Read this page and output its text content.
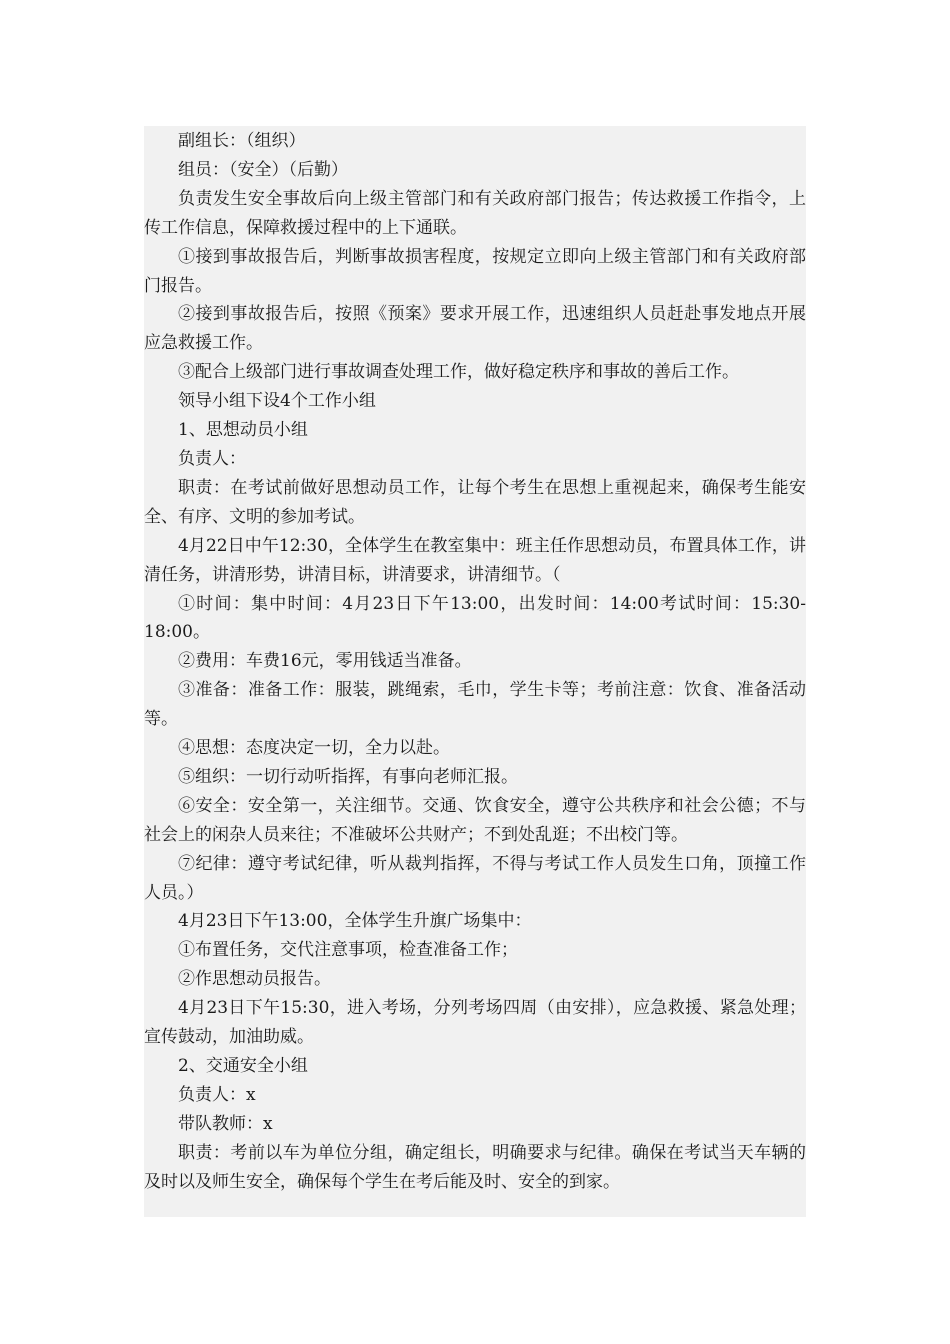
副组长：（组织）

组员：（安全）（后勤）

负责发生安全事故后向上级主管部门和有关政府部门报告；传达救援工作指令，上传工作信息，保障救援过程中的上下通联。

①接到事故报告后，判断事故损害程度，按规定立即向上级主管部门和有关政府部门报告。

②接到事故报告后，按照《预案》要求开展工作，迅速组织人员赶赴事发地点开展应急救援工作。

③配合上级部门进行事故调查处理工作，做好稳定秩序和事故的善后工作。

领导小组下设4个工作小组

1、思想动员小组

负责人：

职责：在考试前做好思想动员工作，让每个考生在思想上重视起来，确保考生能安全、有序、文明的参加考试。

4月22日中午12:30，全体学生在教室集中：班主任作思想动员，布置具体工作，讲清任务，讲清形势，讲清目标，讲清要求，讲清细节。（

①时间：集中时间：4月23日下午13:00，出发时间：14:00考试时间：15:30-18:00。

②费用：车费16元，零用钱适当准备。

③准备：准备工作：服装，跳绳索，毛巾，学生卡等；考前注意：饮食、准备活动等。

④思想：态度决定一切，全力以赴。

⑤组织：一切行动听指挥，有事向老师汇报。

⑥安全：安全第一，关注细节。交通、饮食安全，遵守公共秩序和社会公德；不与社会上的闲杂人员来往；不准破坏公共财产；不到处乱逛；不出校门等。

⑦纪律：遵守考试纪律，听从裁判指挥，不得与考试工作人员发生口角，顶撞工作人员。）

4月23日下午13:00，全体学生升旗广场集中：

①布置任务，交代注意事项，检查准备工作；

②作思想动员报告。

4月23日下午15:30，进入考场，分列考场四周（由安排），应急救援、紧急处理；宣传鼓动，加油助威。

2、交通安全小组

负责人：x

带队教师：x

职责：考前以车为单位分组，确定组长，明确要求与纪律。确保在考试当天车辆的及时以及师生安全，确保每个学生在考后能及时、安全的到家。
